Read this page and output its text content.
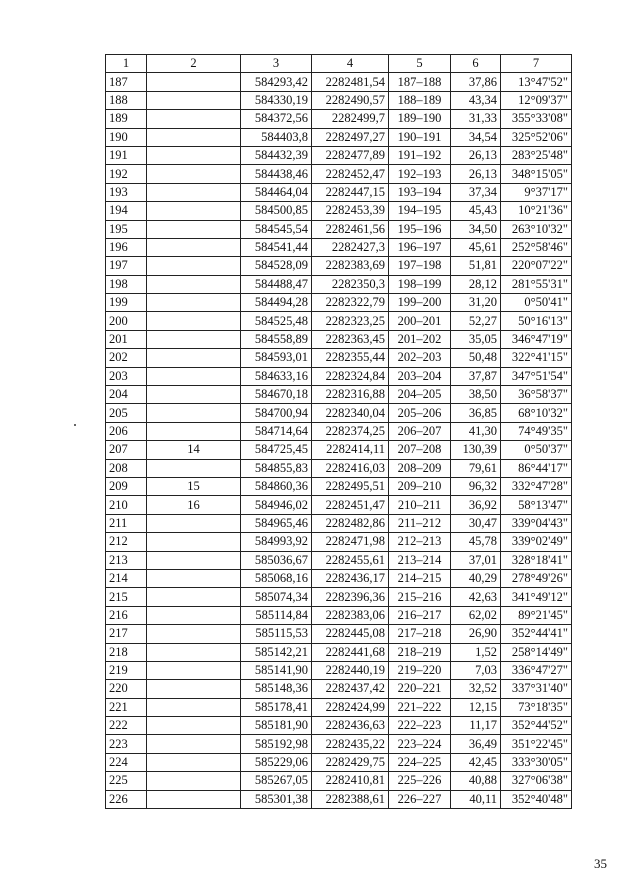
1	2	3	4	5	6	7
187		584293,42	2282481,54	187–188	37,86	13°47'52"
188		584330,19	2282490,57	188–189	43,34	12°09'37"
189		584372,56	2282499,7	189–190	31,33	355°33'08"
190		584403,8	2282497,27	190–191	34,54	325°52'06"
191		584432,39	2282477,89	191–192	26,13	283°25'48"
192		584438,46	2282452,47	192–193	26,13	348°15'05"
193		584464,04	2282447,15	193–194	37,34	9°37'17"
194		584500,85	2282453,39	194–195	45,43	10°21'36"
195		584545,54	2282461,56	195–196	34,50	263°10'32"
196		584541,44	2282427,3	196–197	45,61	252°58'46"
197		584528,09	2282383,69	197–198	51,81	220°07'22"
198		584488,47	2282350,3	198–199	28,12	281°55'31"
199		584494,28	2282322,79	199–200	31,20	0°50'41"
200		584525,48	2282323,25	200–201	52,27	50°16'13"
201		584558,89	2282363,45	201–202	35,05	346°47'19"
202		584593,01	2282355,44	202–203	50,48	322°41'15"
203		584633,16	2282324,84	203–204	37,87	347°51'54"
204		584670,18	2282316,88	204–205	38,50	36°58'37"
205		584700,94	2282340,04	205–206	36,85	68°10'32"
206		584714,64	2282374,25	206–207	41,30	74°49'35"
207	14	584725,45	2282414,11	207–208	130,39	0°50'37"
208		584855,83	2282416,03	208–209	79,61	86°44'17"
209	15	584860,36	2282495,51	209–210	96,32	332°47'28"
210	16	584946,02	2282451,47	210–211	36,92	58°13'47"
211		584965,46	2282482,86	211–212	30,47	339°04'43"
212		584993,92	2282471,98	212–213	45,78	339°02'49"
213		585036,67	2282455,61	213–214	37,01	328°18'41"
214		585068,16	2282436,17	214–215	40,29	278°49'26"
215		585074,34	2282396,36	215–216	42,63	341°49'12"
216		585114,84	2282383,06	216–217	62,02	89°21'45"
217		585115,53	2282445,08	217–218	26,90	352°44'41"
218		585142,21	2282441,68	218–219	1,52	258°14'49"
219		585141,90	2282440,19	219–220	7,03	336°47'27"
220		585148,36	2282437,42	220–221	32,52	337°31'40"
221		585178,41	2282424,99	221–222	12,15	73°18'35"
222		585181,90	2282436,63	222–223	11,17	352°44'52"
223		585192,98	2282435,22	223–224	36,49	351°22'45"
224		585229,06	2282429,75	224–225	42,45	333°30'05"
225		585267,05	2282410,81	225–226	40,88	327°06'38"
226		585301,38	2282388,61	226–227	40,11	352°40'48"
35
